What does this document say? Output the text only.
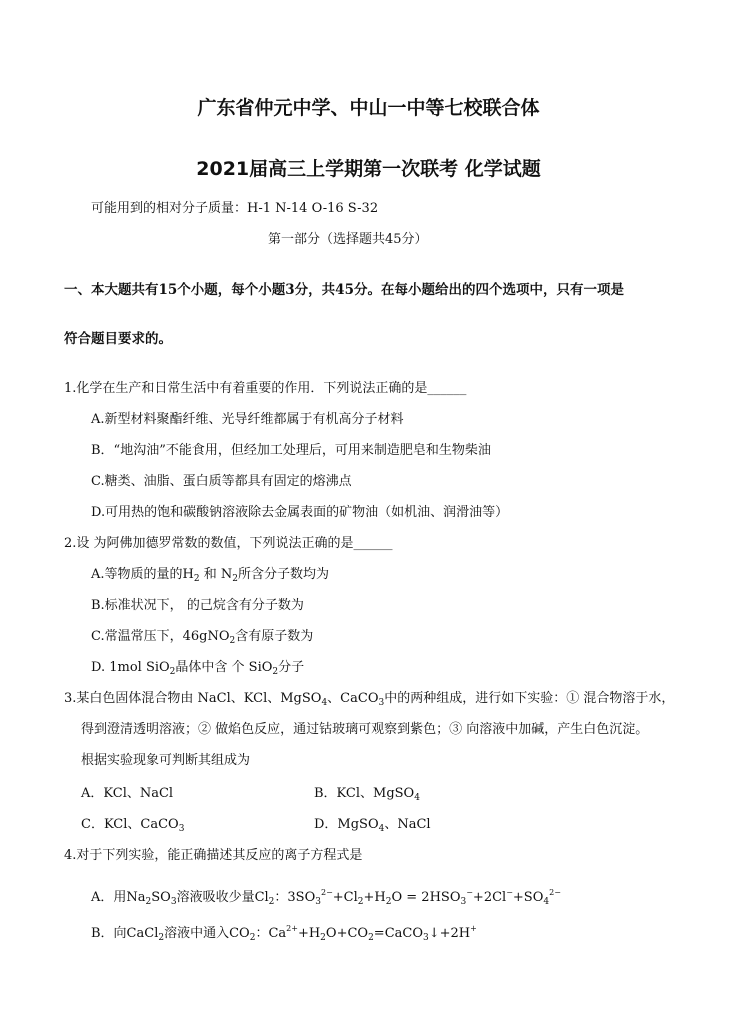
广东省仲元中学、中山一中等七校联合体
2021届高三上学期第一次联考 化学试题
可能用到的相对分子质量：H-1 N-14 O-16 S-32
第一部分（选择题共45分）
一、本大题共有15个小题，每个小题3分，共45分。在每小题给出的四个选项中，只有一项是
符合题目要求的。
1.化学在生产和日常生活中有着重要的作用．下列说法正确的是______
A.新型材料聚酯纤维、光导纤维都属于有机高分子材料
B．“地沟油”不能食用，但经加工处理后，可用来制造肥皂和生物柴油
C.糖类、油脂、蛋白质等都具有固定的熔沸点
D.可用热的饱和碳酸钠溶液除去金属表面的矿物油（如机油、润滑油等）
2.设 为阿佛加德罗常数的数值，下列说法正确的是______
A.等物质的量的$H_2$ 和 $N_2$所含分子数均为
B.标准状况下， 的己烷含有分子数为
C.常温常压下，46gNO$_2$含有原子数为
D. 1mol SiO$_2$晶体中含 个 SiO$_2$分子
3.某白色固体混合物由 NaCl、KCl、MgSO$_4$、CaCO$_3$中的两种组成，进行如下实验：① 混合物溶于水，
得到澄清透明溶液；② 做焰色反应，通过钴玻璃可观察到紫色；③ 向溶液中加碱，产生白色沉淀。
根据实验现象可判断其组成为
A．KCl、NaCl	B．KCl、MgSO$_4$
C．KCl、CaCO$_3$	D．MgSO$_4$、NaCl
4.对于下列实验，能正确描述其反应的离子方程式是
A．用$Na_2SO_3$溶液吸收少量$Cl_2$：$3SO_3^{2-}+Cl_2+H_2O = 2HSO_3^-+2Cl^-+SO_4^{2-}$
B．向CaCl$_2$溶液中通入$CO_2$：$Ca^{2+}+H_2O+CO_2=CaCO_3↓+2H^+$
